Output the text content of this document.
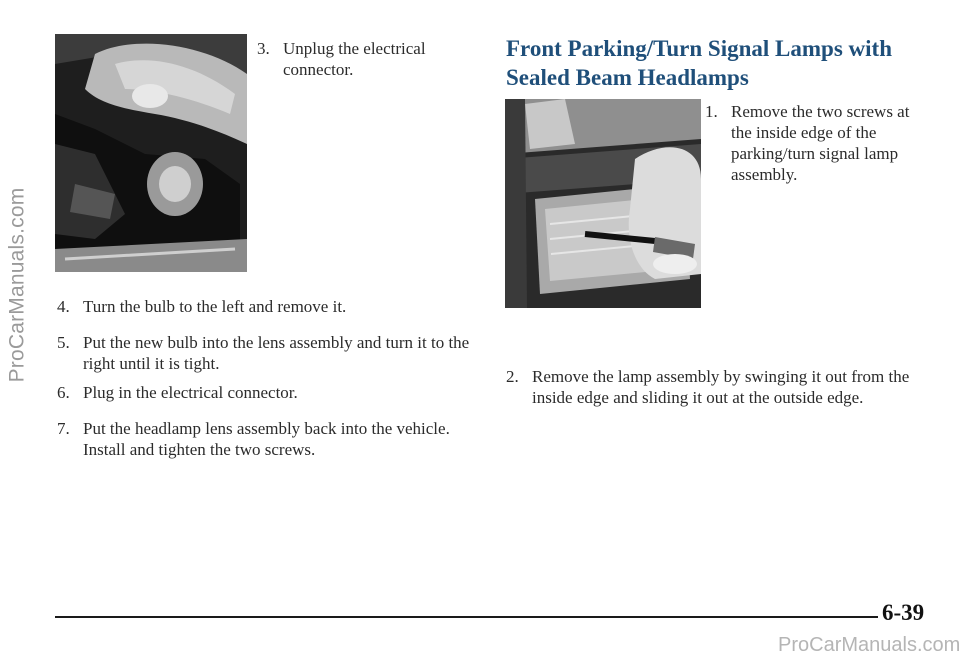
ProCarManuals.com
3. Unplug the electrical connector.
4. Turn the bulb to the left and remove it.
5. Put the new bulb into the lens assembly and turn it to the right until it is tight.
6. Plug in the electrical connector.
7. Put the headlamp lens assembly back into the vehicle. Install and tighten the two screws.
Front Parking/Turn Signal Lamps with Sealed Beam Headlamps
1. Remove the two screws at the inside edge of the parking/turn signal lamp assembly.
2. Remove the lamp assembly by swinging it out from the inside edge and sliding it out at the outside edge.
6-39
ProCarManuals.com
